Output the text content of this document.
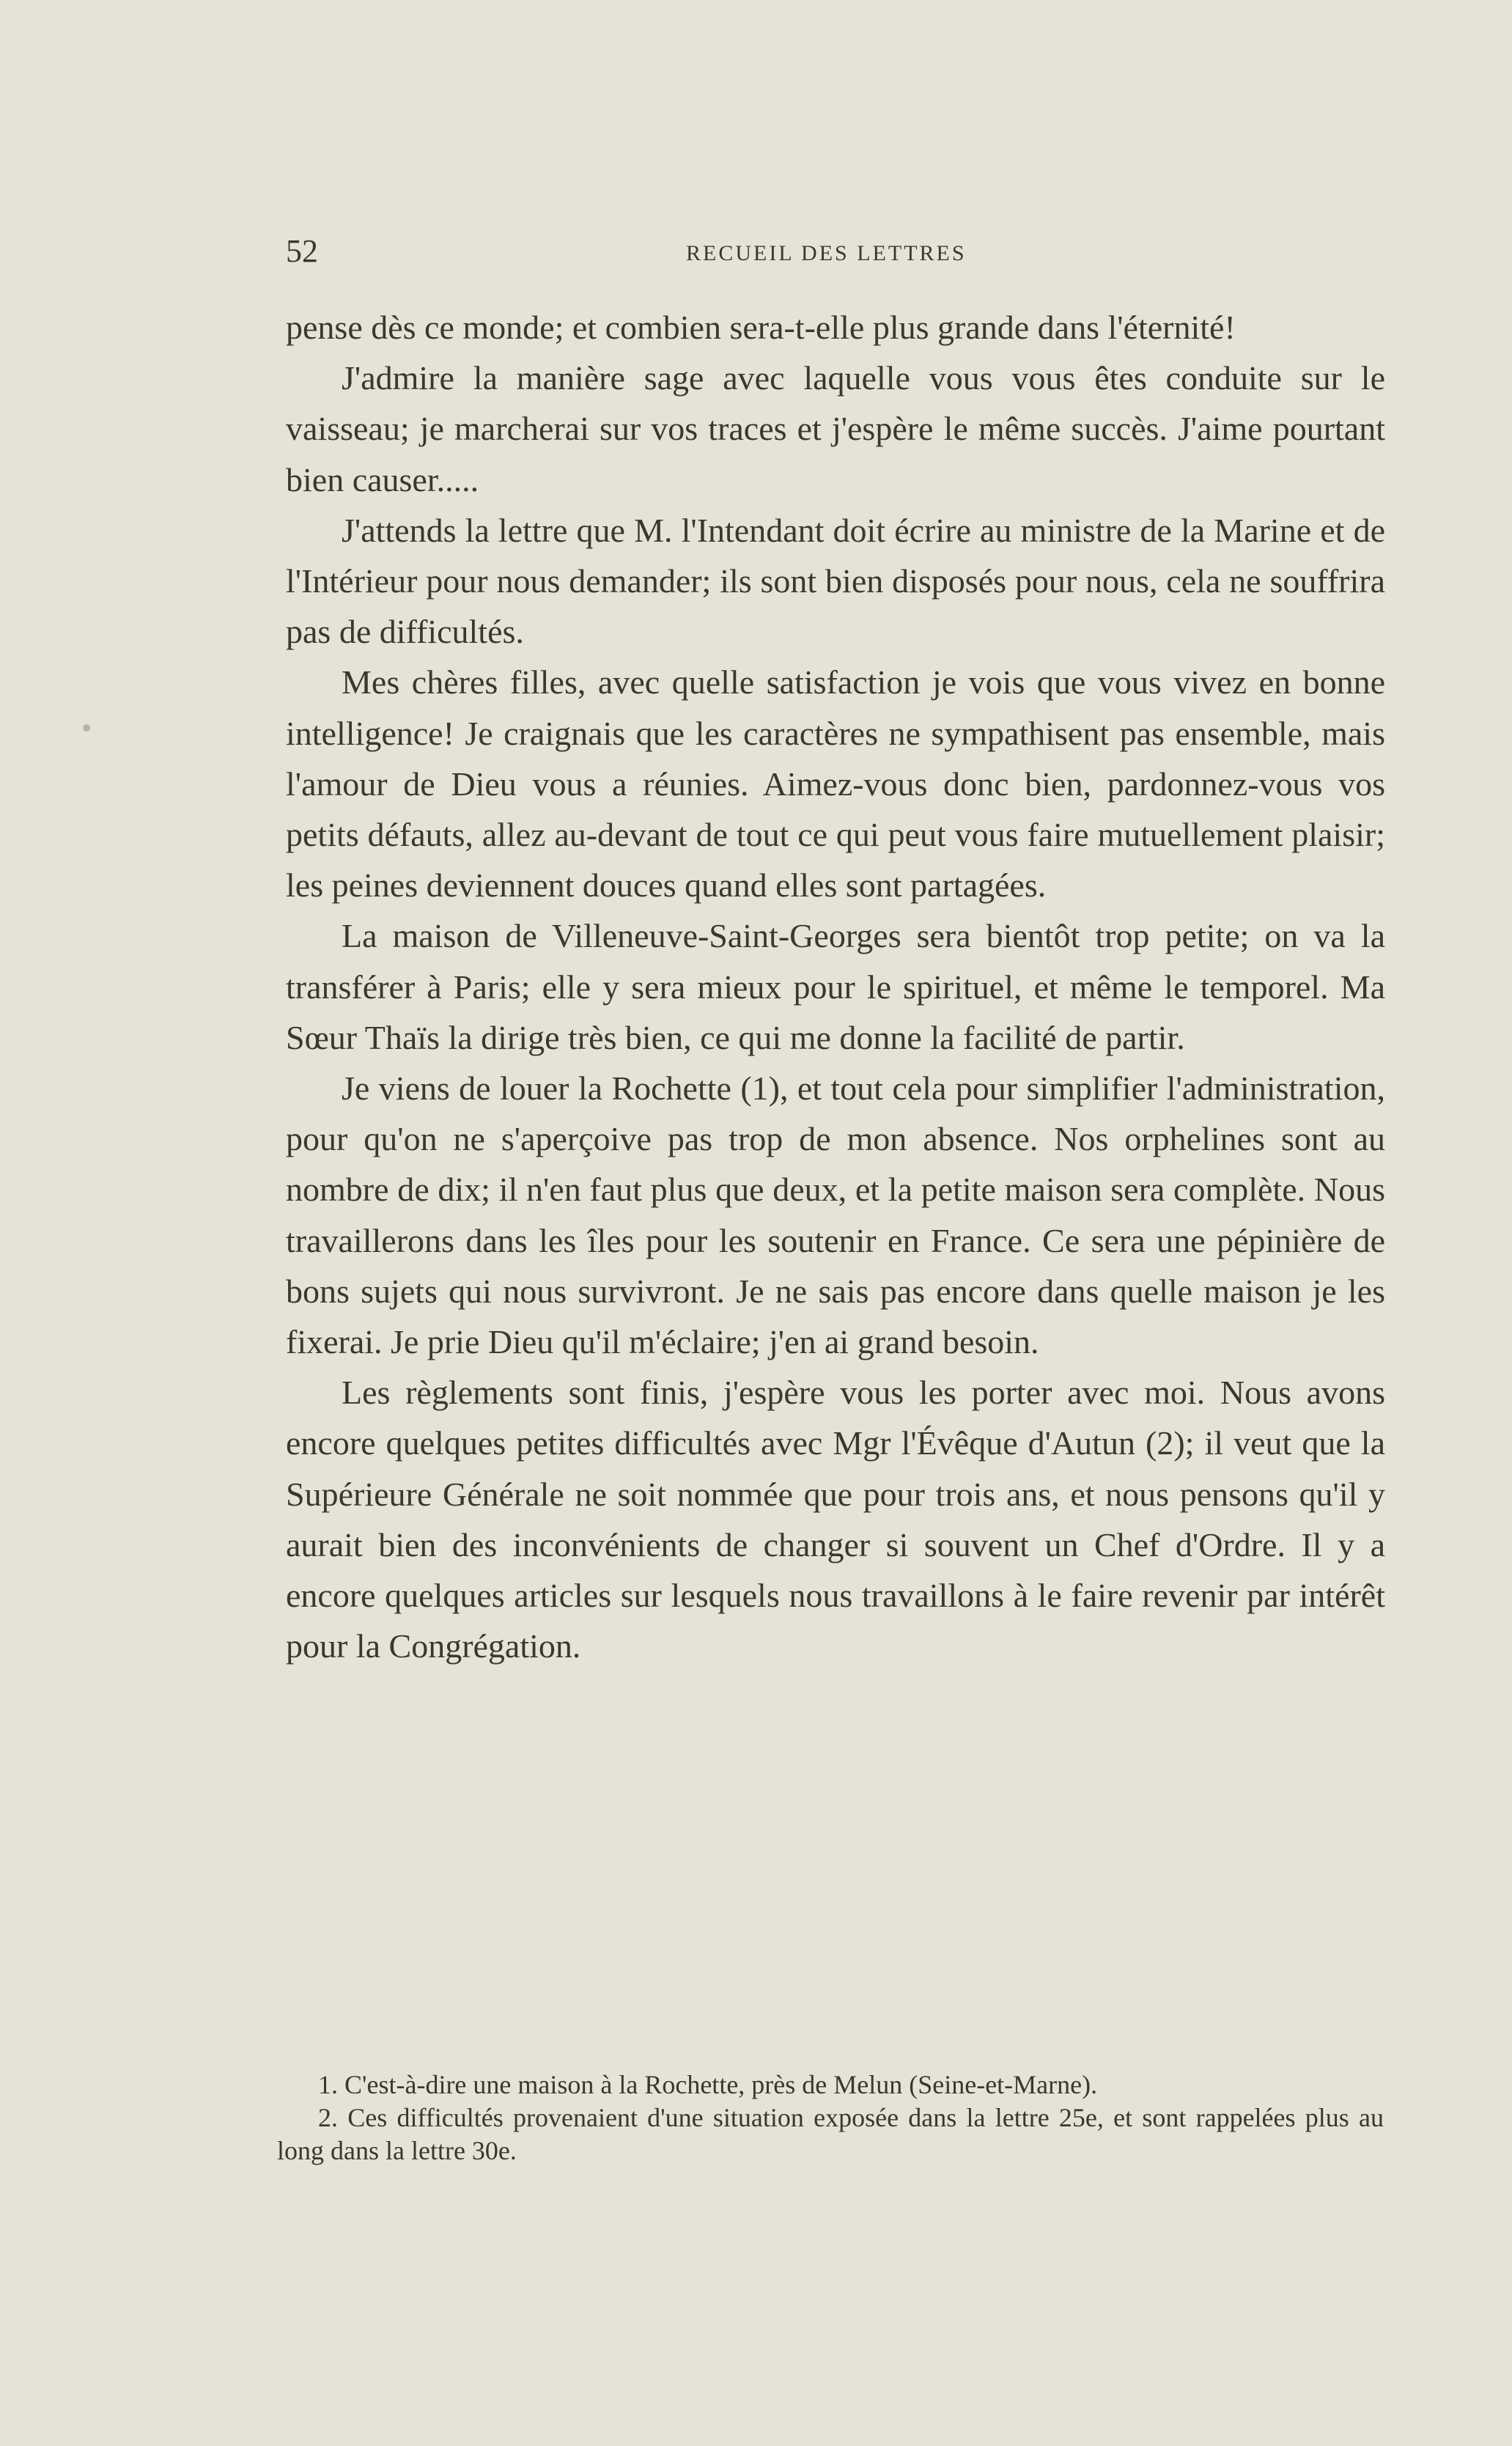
52	RECUEIL DES LETTRES

pense dès ce monde; et combien sera-t-elle plus grande dans l'éternité!

J'admire la manière sage avec laquelle vous vous êtes conduite sur le vaisseau; je marcherai sur vos traces et j'espère le même succès. J'aime pourtant bien causer.....

J'attends la lettre que M. l'Intendant doit écrire au ministre de la Marine et de l'Intérieur pour nous demander; ils sont bien disposés pour nous, cela ne souffrira pas de difficultés.

Mes chères filles, avec quelle satisfaction je vois que vous vivez en bonne intelligence! Je craignais que les caractères ne sympathisent pas ensemble, mais l'amour de Dieu vous a réunies. Aimez-vous donc bien, pardonnez-vous vos petits défauts, allez au-devant de tout ce qui peut vous faire mutuellement plaisir; les peines deviennent douces quand elles sont partagées.

La maison de Villeneuve-Saint-Georges sera bientôt trop petite; on va la transférer à Paris; elle y sera mieux pour le spirituel, et même le temporel. Ma Sœur Thaïs la dirige très bien, ce qui me donne la facilité de partir.

Je viens de louer la Rochette (1), et tout cela pour simplifier l'administration, pour qu'on ne s'aperçoive pas trop de mon absence. Nos orphelines sont au nombre de dix; il n'en faut plus que deux, et la petite maison sera complète. Nous travaillerons dans les îles pour les soutenir en France. Ce sera une pépinière de bons sujets qui nous survivront. Je ne sais pas encore dans quelle maison je les fixerai. Je prie Dieu qu'il m'éclaire; j'en ai grand besoin.

Les règlements sont finis, j'espère vous les porter avec moi. Nous avons encore quelques petites difficultés avec Mgr l'Évêque d'Autun (2); il veut que la Supérieure Générale ne soit nommée que pour trois ans, et nous pensons qu'il y aurait bien des inconvénients de changer si souvent un Chef d'Ordre. Il y a encore quelques articles sur lesquels nous travaillons à le faire revenir par intérêt pour la Congrégation.

1. C'est-à-dire une maison à la Rochette, près de Melun (Seine-et-Marne).

2. Ces difficultés provenaient d'une situation exposée dans la lettre 25e, et sont rappelées plus au long dans la lettre 30e.
